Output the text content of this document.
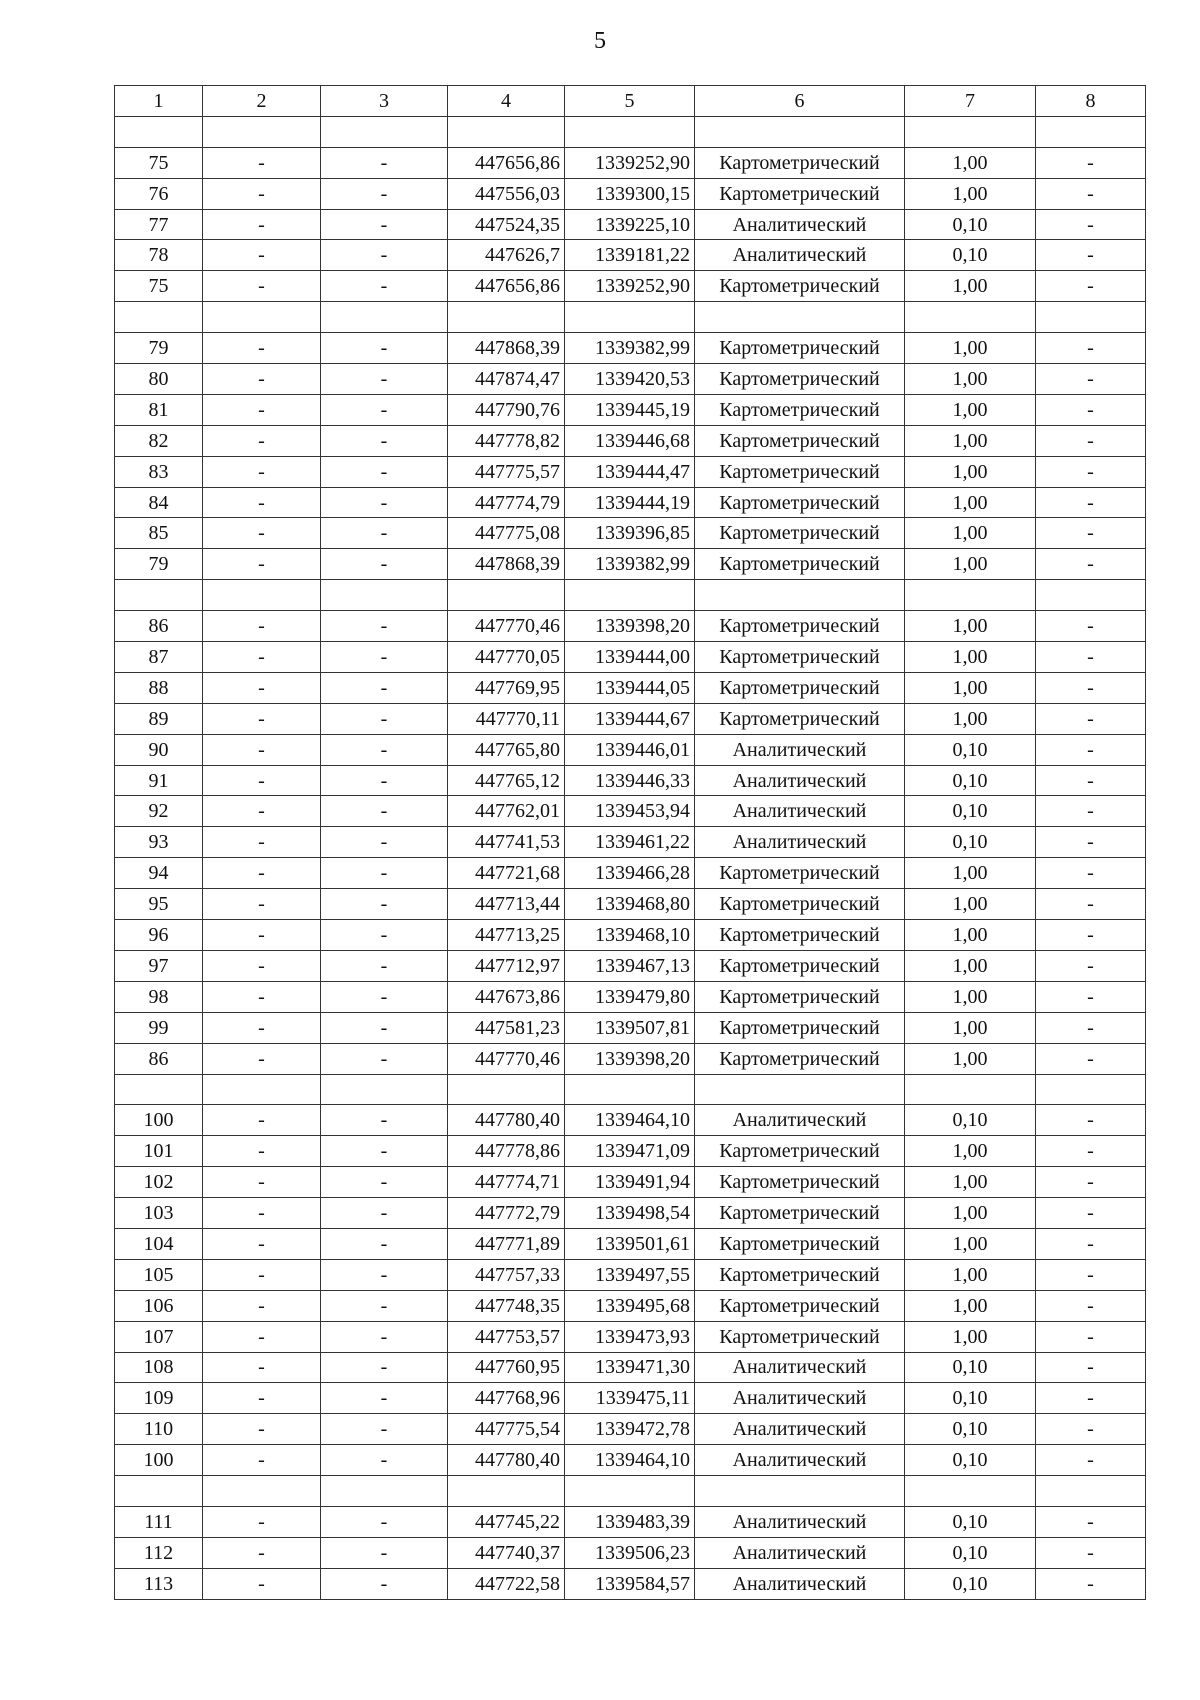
5
1	2	3	4	5	6	7	8

75	-	-	447656,86	1339252,90	Картометрический	1,00	-
76	-	-	447556,03	1339300,15	Картометрический	1,00	-
77	-	-	447524,35	1339225,10	Аналитический	0,10	-
78	-	-	447626,7	1339181,22	Аналитический	0,10	-
75	-	-	447656,86	1339252,90	Картометрический	1,00	-

79	-	-	447868,39	1339382,99	Картометрический	1,00	-
80	-	-	447874,47	1339420,53	Картометрический	1,00	-
81	-	-	447790,76	1339445,19	Картометрический	1,00	-
82	-	-	447778,82	1339446,68	Картометрический	1,00	-
83	-	-	447775,57	1339444,47	Картометрический	1,00	-
84	-	-	447774,79	1339444,19	Картометрический	1,00	-
85	-	-	447775,08	1339396,85	Картометрический	1,00	-
79	-	-	447868,39	1339382,99	Картометрический	1,00	-

86	-	-	447770,46	1339398,20	Картометрический	1,00	-
87	-	-	447770,05	1339444,00	Картометрический	1,00	-
88	-	-	447769,95	1339444,05	Картометрический	1,00	-
89	-	-	447770,11	1339444,67	Картометрический	1,00	-
90	-	-	447765,80	1339446,01	Аналитический	0,10	-
91	-	-	447765,12	1339446,33	Аналитический	0,10	-
92	-	-	447762,01	1339453,94	Аналитический	0,10	-
93	-	-	447741,53	1339461,22	Аналитический	0,10	-
94	-	-	447721,68	1339466,28	Картометрический	1,00	-
95	-	-	447713,44	1339468,80	Картометрический	1,00	-
96	-	-	447713,25	1339468,10	Картометрический	1,00	-
97	-	-	447712,97	1339467,13	Картометрический	1,00	-
98	-	-	447673,86	1339479,80	Картометрический	1,00	-
99	-	-	447581,23	1339507,81	Картометрический	1,00	-
86	-	-	447770,46	1339398,20	Картометрический	1,00	-

100	-	-	447780,40	1339464,10	Аналитический	0,10	-
101	-	-	447778,86	1339471,09	Картометрический	1,00	-
102	-	-	447774,71	1339491,94	Картометрический	1,00	-
103	-	-	447772,79	1339498,54	Картометрический	1,00	-
104	-	-	447771,89	1339501,61	Картометрический	1,00	-
105	-	-	447757,33	1339497,55	Картометрический	1,00	-
106	-	-	447748,35	1339495,68	Картометрический	1,00	-
107	-	-	447753,57	1339473,93	Картометрический	1,00	-
108	-	-	447760,95	1339471,30	Аналитический	0,10	-
109	-	-	447768,96	1339475,11	Аналитический	0,10	-
110	-	-	447775,54	1339472,78	Аналитический	0,10	-
100	-	-	447780,40	1339464,10	Аналитический	0,10	-

111	-	-	447745,22	1339483,39	Аналитический	0,10	-
112	-	-	447740,37	1339506,23	Аналитический	0,10	-
113	-	-	447722,58	1339584,57	Аналитический	0,10	-
